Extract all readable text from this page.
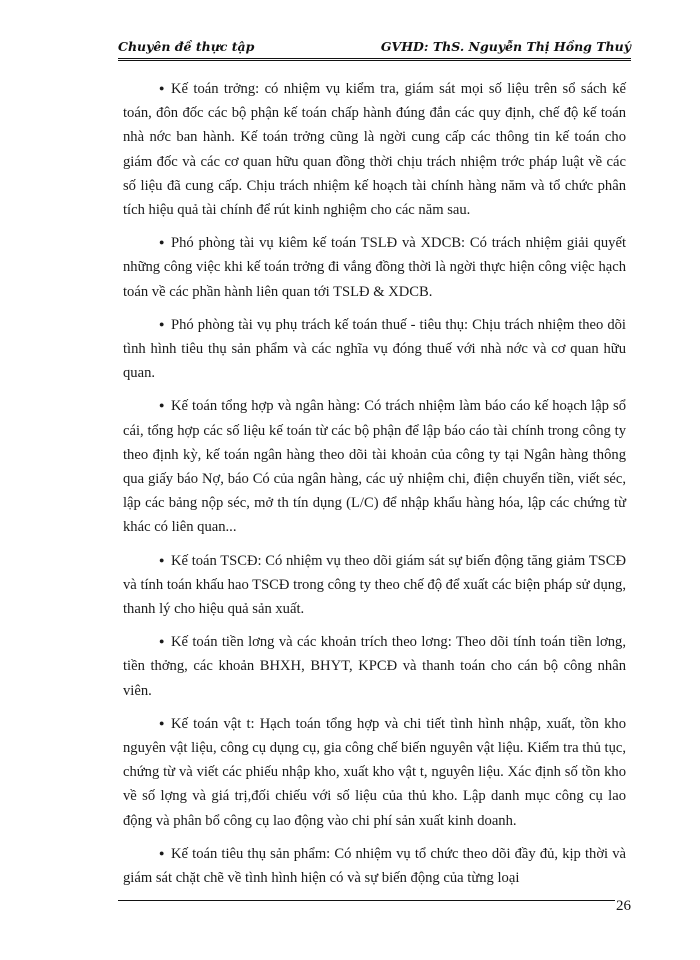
Chuyên đề thực tập	GVHD: ThS. Nguyễn Thị Hồng Thuý

● Kế toán trởng: có nhiệm vụ kiểm tra, giám sát mọi số liệu trên sổ sách kế toán, đôn đốc các bộ phận kế toán chấp hành đúng đắn các quy định, chế độ kế toán nhà nớc ban hành. Kế toán trởng cũng là ngời cung cấp các thông tin kế toán cho giám đốc và các cơ quan hữu quan đồng thời chịu trách nhiệm trớc pháp luật về các số liệu đã cung cấp. Chịu trách nhiệm kế hoạch tài chính hàng năm và tổ chức phân tích hiệu quả tài chính để rút kinh nghiệm cho các năm sau.

● Phó phòng tài vụ kiêm kế toán TSLĐ và XDCB: Có trách nhiệm giải quyết những công việc khi kế toán trởng đi vắng đồng thời là ngời thực hiện công việc hạch toán về các phần hành liên quan tới TSLĐ & XDCB.

● Phó phòng tài vụ phụ trách kế toán thuế - tiêu thụ: Chịu trách nhiệm theo dõi tình hình tiêu thụ sản phẩm và các nghĩa vụ đóng thuế với nhà nớc và cơ quan hữu quan.

● Kế toán tổng hợp và ngân hàng: Có trách nhiệm làm báo cáo kế hoạch lập sổ cái, tổng hợp các số liệu kế toán từ các bộ phận để lập báo cáo tài chính trong công ty theo định kỳ, kế toán ngân hàng theo dõi tài khoản của công ty tại Ngân hàng thông qua giấy báo Nợ, báo Có của ngân hàng, các uỷ nhiệm chi, điện chuyển tiền, viết séc, lập các bảng nộp séc, mở th tín dụng (L/C) để nhập khẩu hàng hóa, lập các chứng từ khác có liên quan...

● Kế toán TSCĐ: Có nhiệm vụ theo dõi giám sát sự biến động tăng giảm TSCĐ và tính toán khấu hao TSCĐ trong công ty theo chế độ để xuất các biện pháp sử dụng, thanh lý cho hiệu quả sản xuất.

● Kế toán tiền lơng và các khoản trích theo lơng: Theo dõi tính toán tiền lơng, tiền thởng, các khoản BHXH, BHYT, KPCĐ và thanh toán cho cán bộ công nhân viên.

● Kế toán vật t: Hạch toán tổng hợp và chi tiết tình hình nhập, xuất, tồn kho nguyên vật liệu, công cụ dụng cụ, gia công chế biến nguyên vật liệu. Kiểm tra thủ tục, chứng từ và viết các phiếu nhập kho, xuất kho vật t, nguyên liệu. Xác định số tồn kho về số lợng và giá trị,đối chiếu với số liệu của thủ kho. Lập danh mục công cụ lao động và phân bổ công cụ lao động vào chi phí sản xuất kinh doanh.

● Kế toán tiêu thụ sản phẩm: Có nhiệm vụ tổ chức theo dõi đầy đủ, kịp thời và giám sát chặt chẽ về tình hình hiện có và sự biến động của từng loại

26
